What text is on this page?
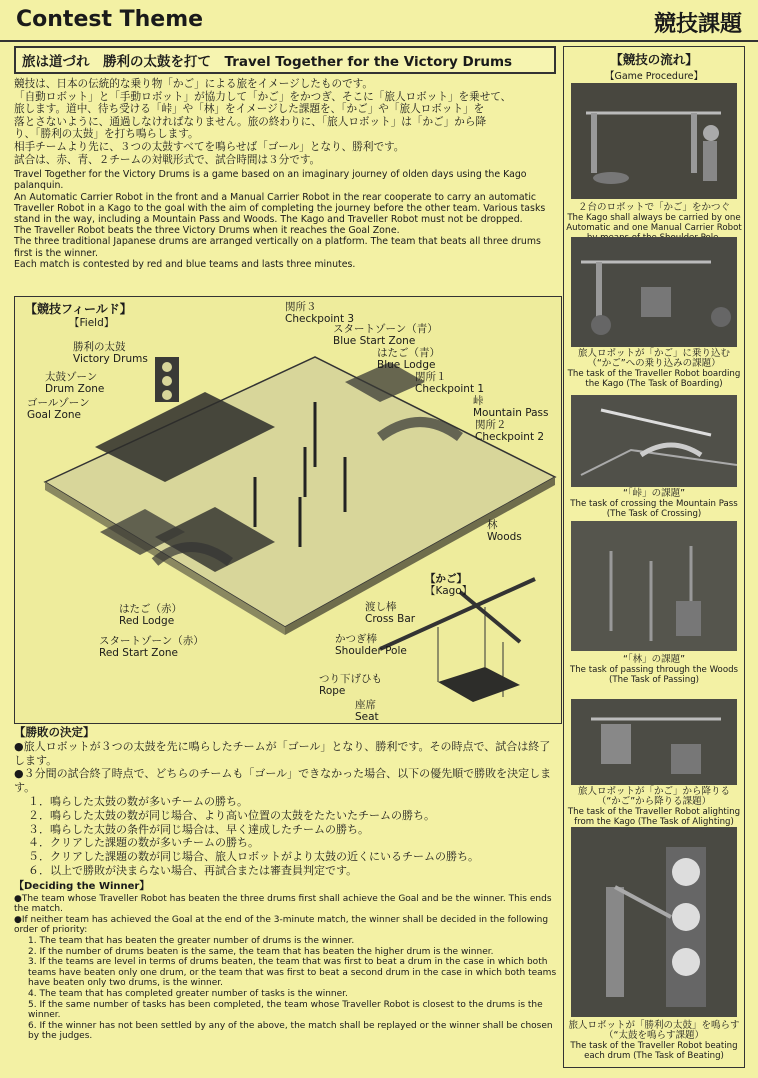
Contest Theme	競技課題
旅は道づれ　勝利の太鼓を打て　Travel Together for the Victory Drums
競技は、日本の伝統的な乗り物「かご」による旅をイメージしたものです。
「自動ロボット」と「手動ロボット」が協力して「かご」をかつぎ、そこに「旅人ロボット」を乗せて、
旅します。道中、待ち受ける「峠」や「林」をイメージした課題を、「かご」や「旅人ロボット」を
落とさないように、通過しなければなりません。旅の終わりに、「旅人ロボット」は「かご」から降
り、「勝利の太鼓」を打ち鳴らします。
相手チームより先に、３つの太鼓すべてを鳴らせば「ゴール」となり、勝利です。
試合は、赤、青、２チームの対戦形式で、試合時間は３分です。
Travel Together for the Victory Drums is a game based on an imaginary journey of olden days using the Kago palanquin.
An Automatic Carrier Robot in the front and a Manual Carrier Robot in the rear cooperate to carry an automatic Traveller Robot in a Kago to the goal with the aim of completing the journey before the other team. Various tasks stand in the way, including a Mountain Pass and Woods. The Kago and Traveller Robot must not be dropped.
The Traveller Robot beats the three Victory Drums when it reaches the Goal Zone.
The three traditional Japanese drums are arranged vertically on a platform. The team that beats all three drums first is the winner.
Each match is contested by red and blue teams and lasts three minutes.
【競技フィールド】
【Field】
勝利の太鼓
Victory Drums
太鼓ゾーン
Drum Zone
ゴールゾーン
Goal Zone
関所３
Checkpoint 3
スタートゾーン（青）
Blue Start Zone
はたご（青）
Blue Lodge
関所１
Checkpoint 1
峠
Mountain Pass
関所２
Checkpoint 2
林
Woods
はたご（赤）
Red Lodge
スタートゾーン（赤）
Red Start Zone
【かご】
【Kago】
渡し棒
Cross Bar
かつぎ棒
Shoulder Pole
つり下げひも
Rope
座席
Seat
【勝敗の決定】
●旅人ロボットが３つの太鼓を先に鳴らしたチームが「ゴール」となり、勝利です。その時点で、試合は終了します。
●３分間の試合終了時点で、どちらのチームも「ゴール」できなかった場合、以下の優先順で勝敗を決定します。
１．鳴らした太鼓の数が多いチームの勝ち。
２．鳴らした太鼓の数が同じ場合、より高い位置の太鼓をたたいたチームの勝ち。
３．鳴らした太鼓の条件が同じ場合は、早く達成したチームの勝ち。
４．クリアした課題の数が多いチームの勝ち。
５．クリアした課題の数が同じ場合、旅人ロボットがより太鼓の近くにいるチームの勝ち。
６．以上で勝敗が決まらない場合、再試合または審査員判定です。
【Deciding the Winner】
●The team whose Traveller Robot has beaten the three drums first shall achieve the Goal and be the winner. This ends the match.
●If neither team has achieved the Goal at the end of the 3-minute match, the winner shall be decided in the following order of priority:
1. The team that has beaten the greater number of drums is the winner.
2. If the number of drums beaten is the same, the team that has beaten the higher drum is the winner.
3. If the teams are level in terms of drums beaten, the team that was first to beat a drum in the case in which both teams have beaten only one drum, or the team that was first to beat a second drum in the case in which both teams have beaten only two drums, is the winner.
4. The team that has completed greater number of tasks is the winner.
5. If the same number of tasks has been completed, the team whose Traveller Robot is closest to the drums is the winner.
6. If the winner has not been settled by any of the above, the match shall be replayed or the winner shall be chosen by the judges.
【競技の流れ】
【Game Procedure】
２台のロボットで「かご」をかつぐ
The Kago shall always be carried by one Automatic and one Manual Carrier Robot
旅人ロボットが「かご」に乗り込む
（“かご”への乗り込みの課題）
The task of the Traveller Robot boarding the Kago (The Task of Boarding)
“「峠」の課題”
The task of crossing the Mountain Pass (The Task of Crossing)
“「林」の課題”
The task of passing through the Woods (The Task of Passing)
旅人ロボットが「かご」から降りる
（“かご”から降りる課題）
The task of the Traveller Robot alighting from the Kago (The Task of Alighting)
旅人ロボットが「勝利の太鼓」を鳴らす
（“太鼓を鳴らす課題）
The task of the Traveller Robot beating each drum (The Task of Beating)
